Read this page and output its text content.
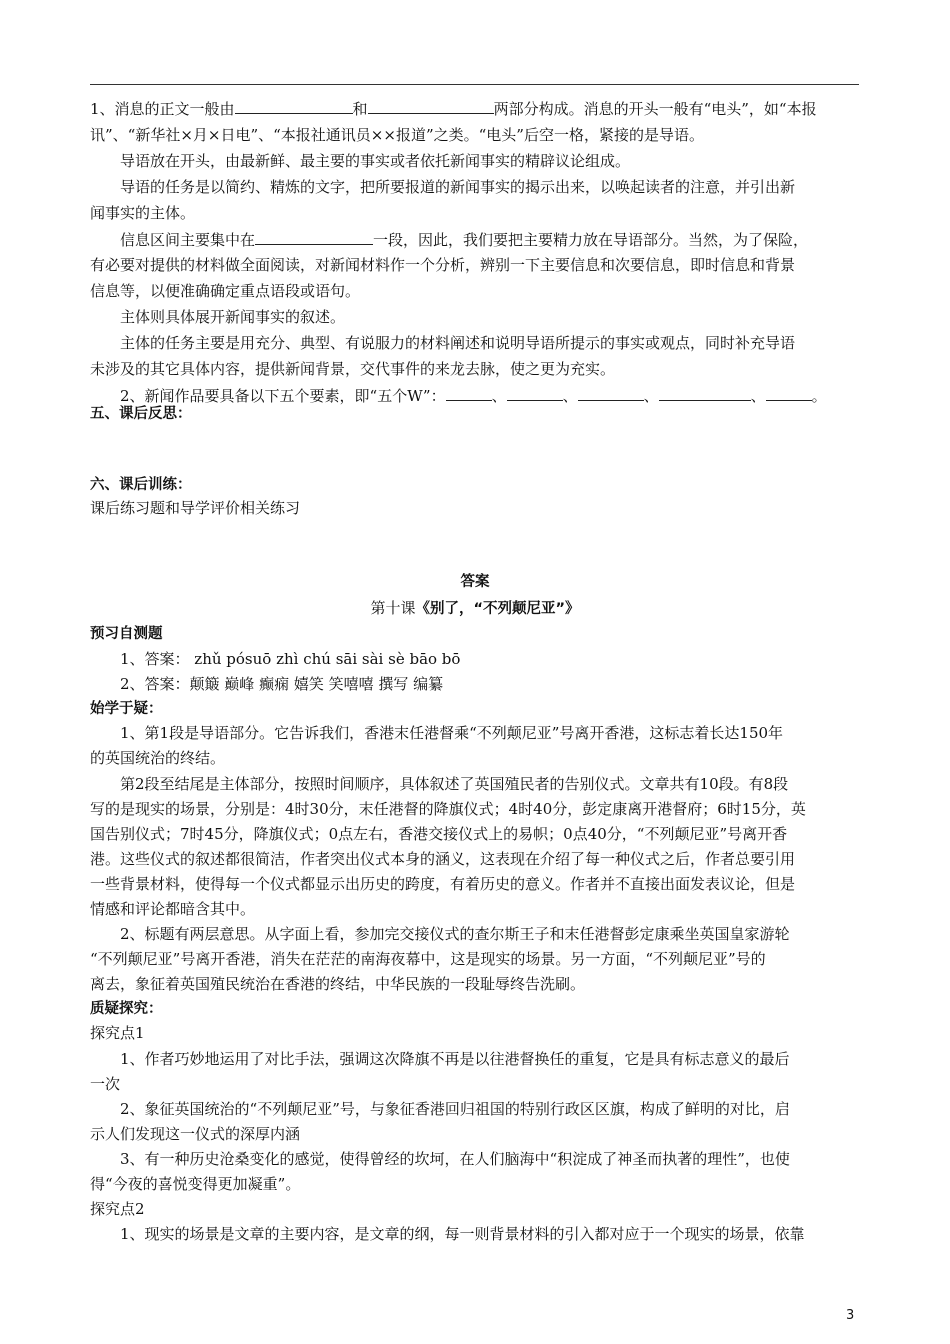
1、消息的正文一般由	和	两部分构成。消息的开头一般有“电头”，如“本报
讯”、“新华社×月×日电”、“本报社通讯员××报道”之类。“电头”后空一格，紧接的是导语。
导语放在开头，由最新鲜、最主要的事实或者依托新闻事实的精辟议论组成。
导语的任务是以简约、精炼的文字，把所要报道的新闻事实的揭示出来，以唤起读者的注意，并引出新
闻事实的主体。
信息区间主要集中在	一段，因此，我们要把主要精力放在导语部分。当然，为了保险，
有必要对提供的材料做全面阅读，对新闻材料作一个分析，辨别一下主要信息和次要信息，即时信息和背景
信息等，以便准确确定重点语段或语句。
主体则具体展开新闻事实的叙述。
主体的任务主要是用充分、典型、有说服力的材料阐述和说明导语所提示的事实或观点，同时补充导语
未涉及的其它具体内容，提供新闻背景，交代事件的来龙去脉，使之更为充实。
2、新闻作品要具备以下五个要素，即“五个W”：	、	、	、	、	。
五、课后反思：
六、课后训练：
课后练习题和导学评价相关练习
答案
第十课《别了，“不列颠尼亚”》
预习自测题
1、答案： zhǔ pósuō zhì chú sāi sài sè bāo bō
2、答案：颠簸 巅峰 癫痫 嬉笑 笑嘻嘻 撰写 编纂
始学于疑：
1、第1段是导语部分。它告诉我们，香港末任港督乘“不列颠尼亚”号离开香港，这标志着长达150年
的英国统治的终结。
第2段至结尾是主体部分，按照时间顺序，具体叙述了英国殖民者的告别仪式。文章共有10段。有8段
写的是现实的场景，分别是：4时30分，末任港督的降旗仪式；4时40分，彭定康离开港督府；6时15分，英
国告别仪式；7时45分，降旗仪式；0点左右，香港交接仪式上的易帜；0点40分，“不列颠尼亚”号离开香
港。这些仪式的叙述都很简洁，作者突出仪式本身的涵义，这表现在介绍了每一种仪式之后，作者总要引用
一些背景材料，使得每一个仪式都显示出历史的跨度，有着历史的意义。作者并不直接出面发表议论，但是
情感和评论都暗含其中。
2、标题有两层意思。从字面上看，参加完交接仪式的查尔斯王子和末任港督彭定康乘坐英国皇家游轮
“不列颠尼亚”号离开香港，消失在茫茫的南海夜幕中，这是现实的场景。另一方面，“不列颠尼亚”号的
离去，象征着英国殖民统治在香港的终结，中华民族的一段耻辱终告洗刷。
质疑探究：
探究点1
1、作者巧妙地运用了对比手法，强调这次降旗不再是以往港督换任的重复，它是具有标志意义的最后
一次
2、象征英国统治的“不列颠尼亚”号，与象征香港回归祖国的特别行政区区旗，构成了鲜明的对比，启
示人们发现这一仪式的深厚内涵
3、有一种历史沧桑变化的感觉，使得曾经的坎坷，在人们脑海中“积淀成了神圣而执著的理性”，也使
得“今夜的喜悦变得更加凝重”。
探究点2
1、现实的场景是文章的主要内容，是文章的纲，每一则背景材料的引入都对应于一个现实的场景，依靠
3
